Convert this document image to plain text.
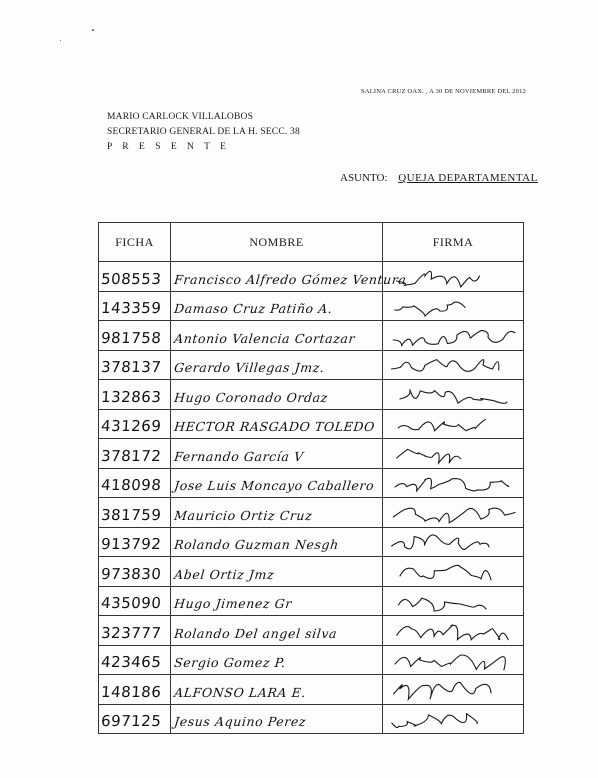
SALINA CRUZ OAX. , A 30 DE NOVIEMBRE DEL 2012
MARIO CARLOCK VILLALOBOS
SECRETARIO GENERAL DE LA H. SECC. 38
P R E S E N T E
ASUNTO: QUEJA DEPARTAMENTAL
FICHA	NOMBRE	FIRMA

508553	Francisco Alfredo Gómez Ventura

143359	Damaso Cruz Patiño A.

981758	Antonio Valencia Cortazar

378137	Gerardo Villegas Jmz.

132863	Hugo Coronado Ordaz

431269	HECTOR RASGADO TOLEDO

378172	Fernando García V

418098	Jose Luis Moncayo Caballero

381759	Mauricio Ortiz Cruz

913792	Rolando Guzman Nesgh

973830	Abel Ortiz Jmz

435090	Hugo Jimenez Gr

323777	Rolando Del angel silva

423465	Sergio Gomez P.

148186	ALFONSO LARA E.

697125	Jesus Aquino Perez
